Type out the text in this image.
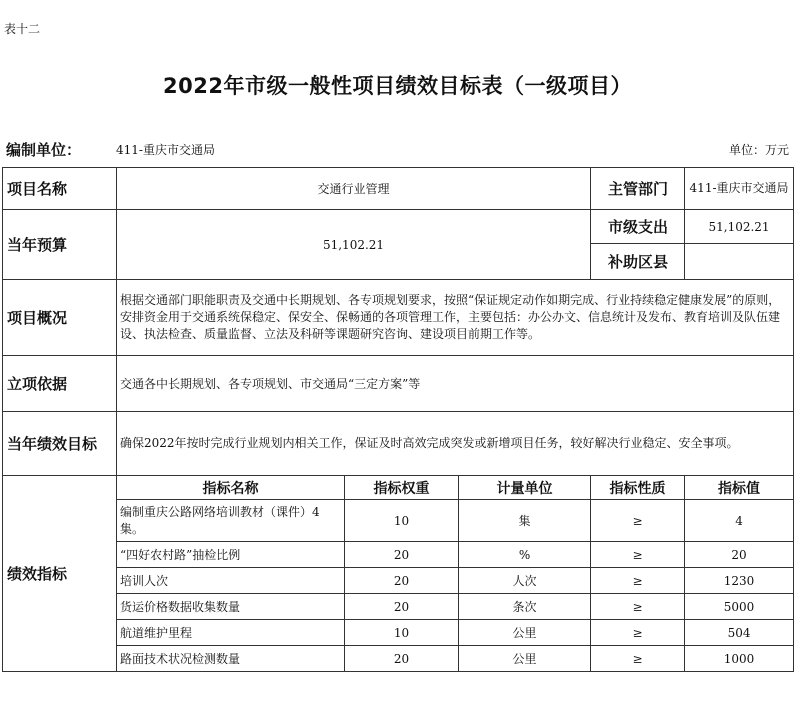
表十二
2022年市级一般性项目绩效目标表（一级项目）
编制单位：	411-重庆市交通局	单位：万元
项目名称	交通行业管理			主管部门	411-重庆市交通局
当年预算	51,102.21			市级支出	51,102.21
				补助区县	
项目概况	根据交通部门职能职责及交通中长期规划、各专项规划要求，按照“保证规定动作如期完成、行业持续稳定健康发展”的原则，安排资金用于交通系统保稳定、保安全、保畅通的各项管理工作，主要包括：办公办文、信息统计及发布、教育培训及队伍建设、执法检查、质量监督、立法及科研等课题研究咨询、建设项目前期工作等。				
立项依据	交通各中长期规划、各专项规划、市交通局“三定方案”等				
当年绩效目标	确保2022年按时完成行业规划内相关工作，保证及时高效完成突发或新增项目任务，较好解决行业稳定、安全事项。				
绩效指标	指标名称	指标权重	计量单位	指标性质	指标值
	编制重庆公路网络培训教材（课件）4集。	10	集	≥	4
	“四好农村路”抽检比例	20	%	≥	20
	培训人次	20	人次	≥	1230
	货运价格数据收集数量	20	条次	≥	5000
	航道维护里程	10	公里	≥	504
	路面技术状况检测数量	20	公里	≥	1000
